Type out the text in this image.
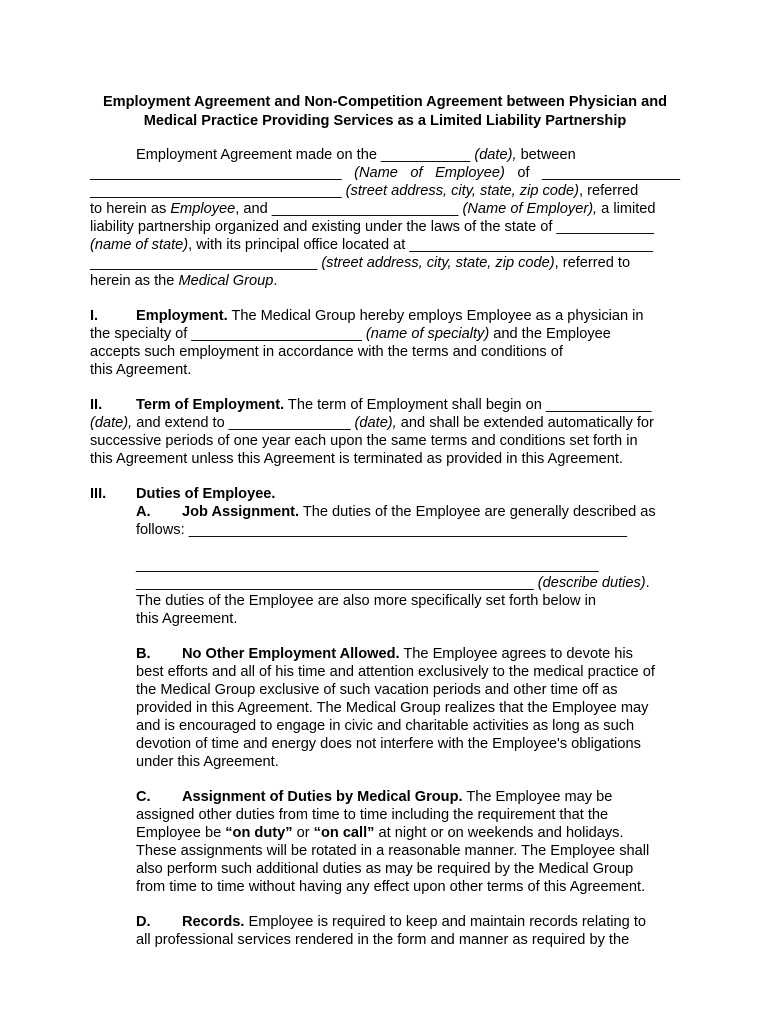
Employment Agreement and Non-Competition Agreement between Physician and
Medical Practice Providing Services as a Limited Liability Partnership
Employment Agreement made on the ___________ (date), between
_______________________________ (Name of Employee) of _________________
_______________________________ (street address, city, state, zip code), referred
to herein as Employee, and _______________________ (Name of Employer), a limited
liability partnership organized and existing under the laws of the state of ____________
(name of state), with its principal office located at ______________________________
____________________________ (street address, city, state, zip code), referred to
herein as the Medical Group.
I.	Employment. The Medical Group hereby employs Employee as a physician in
the specialty of _____________________ (name of specialty) and the Employee
accepts such employment in accordance with the terms and conditions of
this Agreement.
II. Term of Employment. The term of Employment shall begin on _____________
(date), and extend to _______________ (date), and shall be extended automatically for
successive periods of one year each upon the same terms and conditions set forth in
this Agreement unless this Agreement is terminated as provided in this Agreement.
III. Duties of Employee.
A. Job Assignment. The duties of the Employee are generally described as
follows: ______________________________________________________
_________________________________________________________
_________________________________________________ (describe duties).
The duties of the Employee are also more specifically set forth below in
this Agreement.
B. No Other Employment Allowed. The Employee agrees to devote his
best efforts and all of his time and attention exclusively to the medical practice of
the Medical Group exclusive of such vacation periods and other time off as
provided in this Agreement. The Medical Group realizes that the Employee may
and is encouraged to engage in civic and charitable activities as long as such
devotion of time and energy does not interfere with the Employee's obligations
under this Agreement.
C. Assignment of Duties by Medical Group. The Employee may be
assigned other duties from time to time including the requirement that the
Employee be “on duty” or “on call” at night or on weekends and holidays.
These assignments will be rotated in a reasonable manner. The Employee shall
also perform such additional duties as may be required by the Medical Group
from time to time without having any effect upon other terms of this Agreement.
D. Records. Employee is required to keep and maintain records relating to
all professional services rendered in the form and manner as required by the
